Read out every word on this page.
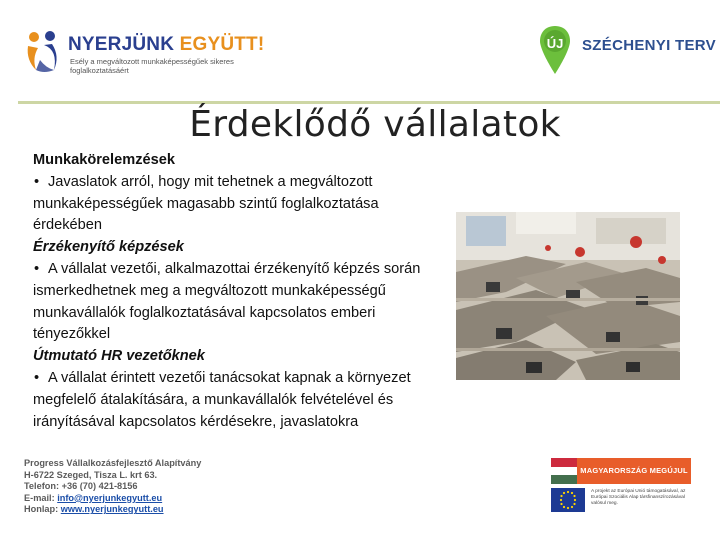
NYERJÜNK EGYÜTT!
Esély a megváltozott munkaképességűek sikeres foglalkoztatásáért
ÚJ	SZÉCHENYI TERV
Érdeklődő vállalatok

Munkakörelemzések

• Javaslatok arról, hogy mit tehetnek a megváltozott munkaképességűek magasabb szintű foglalkoztatása érdekében

Érzékenyítő képzések

• A vállalat vezetői, alkalmazottai érzékenyítő képzés során ismerkedhetnek meg a megváltozott munkaképességű munkavállalók foglalkoztatásával kapcsolatos emberi tényezőkkel

Útmutató HR vezetőknek

• A vállalat érintett vezetői tanácsokat kapnak a környezet megfelelő átalakítására, a munkavállalók felvételével és irányításával kapcsolatos kérdésekre, javaslatokra

Progress Vállalkozásfejlesztő Alapítvány
H-6722 Szeged, Tisza L. krt 63.
Telefon: +36 (70) 421-8156
E-mail: info@nyerjunkegyutt.eu
Honlap: www.nyerjunkegyutt.eu
MAGYARORSZÁG MEGÚJUL
A projekt az Európai Unió támogatásával, az Európai Szociális Alap társfinanszírozásával valósul meg.
